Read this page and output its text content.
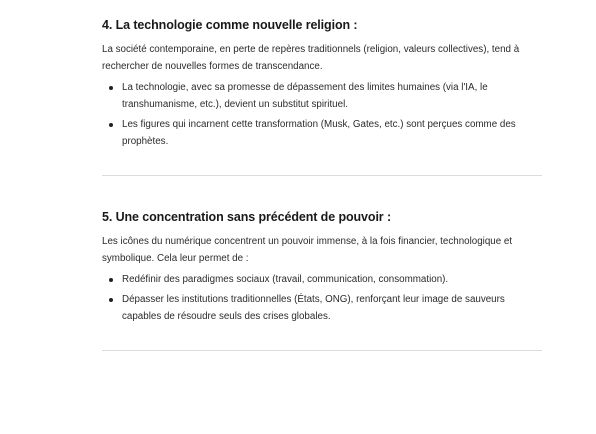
4. La technologie comme nouvelle religion :

La société contemporaine, en perte de repères traditionnels (religion, valeurs collectives), tend à rechercher de nouvelles formes de transcendance.

La technologie, avec sa promesse de dépassement des limites humaines (via l'IA, le transhumanisme, etc.), devient un substitut spirituel.
Les figures qui incarnent cette transformation (Musk, Gates, etc.) sont perçues comme des prophètes.
5. Une concentration sans précédent de pouvoir :

Les icônes du numérique concentrent un pouvoir immense, à la fois financier, technologique et symbolique. Cela leur permet de :

Redéfinir des paradigmes sociaux (travail, communication, consommation).
Dépasser les institutions traditionnelles (États, ONG), renforçant leur image de sauveurs capables de résoudre seuls des crises globales.
